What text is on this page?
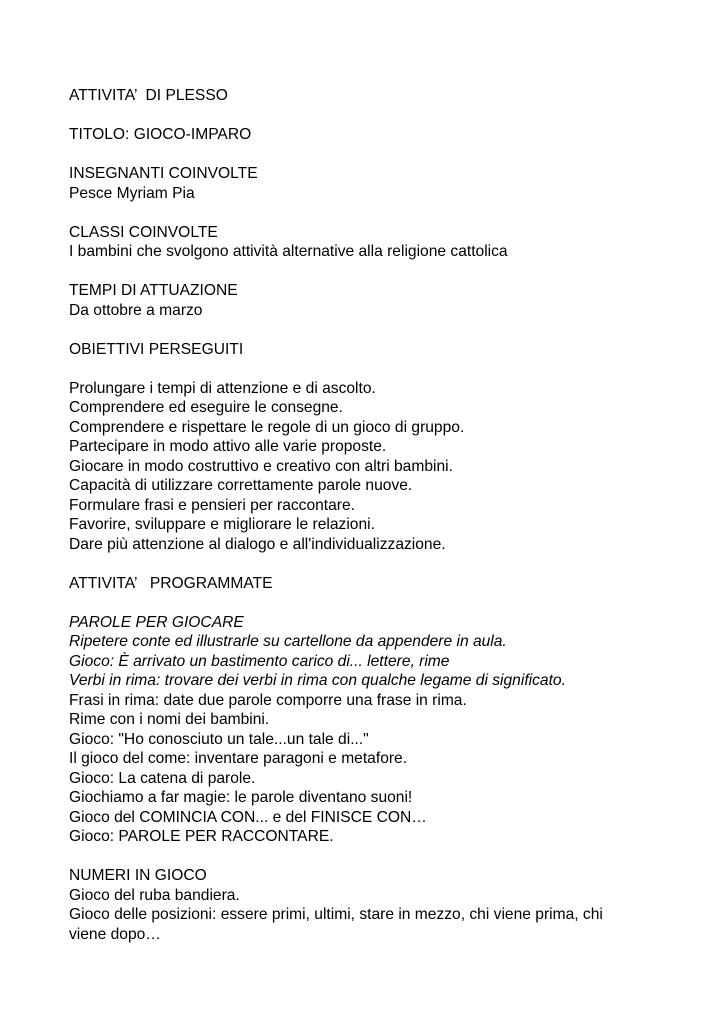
ATTIVITA’  DI PLESSO
TITOLO: GIOCO-IMPARO
INSEGNANTI COINVOLTE
Pesce Myriam Pia
CLASSI COINVOLTE
I bambini che svolgono attività alternative alla religione cattolica
TEMPI DI ATTUAZIONE
Da ottobre a marzo
OBIETTIVI PERSEGUITI
Prolungare i tempi di attenzione e di ascolto.
Comprendere ed eseguire le consegne.
Comprendere e rispettare le regole di un gioco di gruppo.
Partecipare in modo attivo alle varie proposte.
Giocare in modo costruttivo e creativo con altri bambini.
Capacità di utilizzare correttamente parole nuove.
Formulare frasi e pensieri per raccontare.
Favorire, sviluppare e migliorare le relazioni.
Dare più attenzione al dialogo e all'individualizzazione.
ATTIVITA’   PROGRAMMATE
PAROLE PER GIOCARE
Ripetere conte ed illustrarle su cartellone da appendere in aula.
Gioco: È arrivato un bastimento carico di... lettere, rime
Verbi in rima: trovare dei verbi in rima con qualche legame di significato.
Frasi in rima: date due parole comporre una frase in rima.
Rime con i nomi dei bambini.
Gioco: "Ho conosciuto un tale...un tale di..."
Il gioco del come: inventare paragoni e metafore.
Gioco: La catena di parole.
Giochiamo a far magie: le parole diventano suoni!
Gioco del COMINCIA CON... e del FINISCE CON…
Gioco: PAROLE PER RACCONTARE.
NUMERI IN GIOCO
Gioco del ruba bandiera.
Gioco delle posizioni: essere primi, ultimi, stare in mezzo, chi viene prima, chi
viene dopo…
